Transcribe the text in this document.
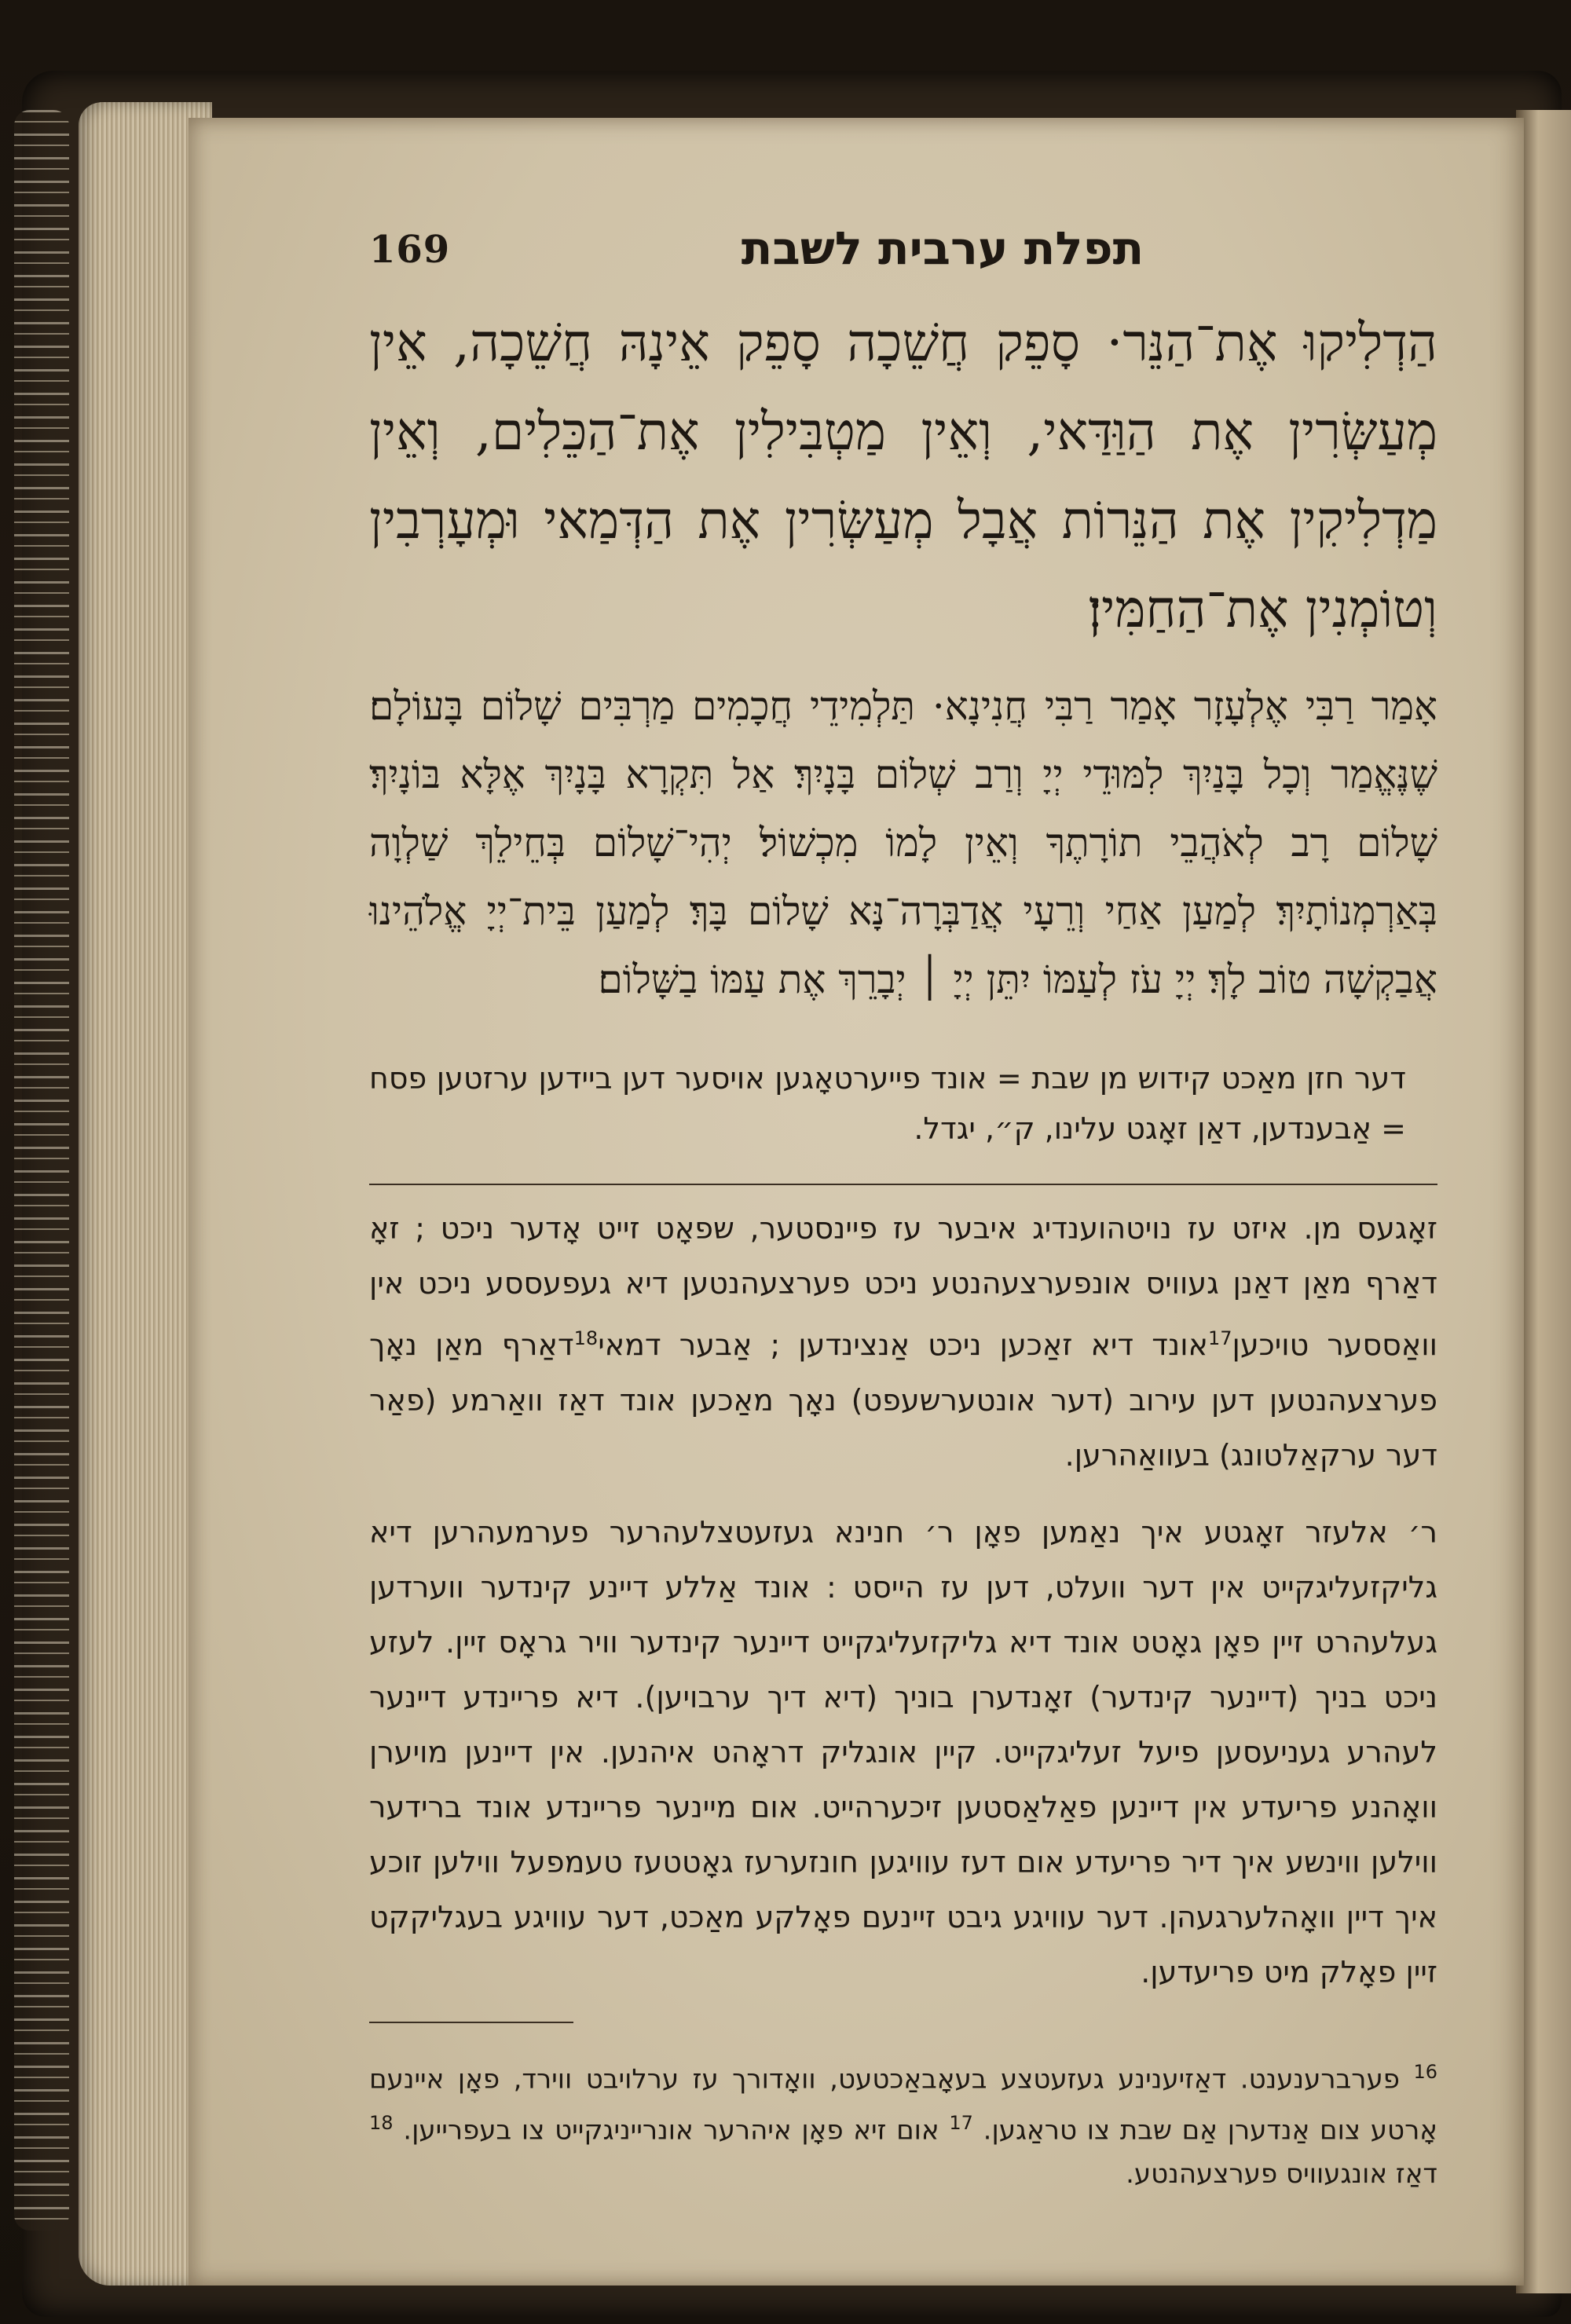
169	תפלת ערבית לשבת

הַדְלִיקוּ אֶת־הַנֵּר· סָפֵק חֲשֵׁכָה סָפֵק אֵינָהּ חֲשֵׁכָה, אֵין מְעַשְּׂרִין אֶת הַוַּדַּאי, וְאֵין מַטְבִּילִין אֶת־הַכֵּלִים, וְאֵין מַדְלִיקִין אֶת הַנֵּרוֹת אֲבָל מְעַשְּׂרִין אֶת הַדְּמַאי וּמְעָרְבִין וְטוֹמְנִין אֶת־הַחַמִּין׃

אָמַר רַבִּי אֶלְעָזָר אָמַר רַבִּי חֲנִינָא· תַּלְמִידֵי חֲכָמִים מַרְבִּים שָׁלוֹם בָּעוֹלָם׃ שֶׁנֶּאֱמַר וְכָל בָּנַיִךְ לִמּוּדֵי יְיָ וְרַב שְׁלוֹם בָּנָיִךְ׃ אַל תִּקְרָא בָּנָיִךְ אֶלָּא בּוֹנָיִךְ׃ שָׁלוֹם רָב לְאֹהֲבֵי תוֹרָתֶךָ וְאֵין לָמוֹ מִכְשׁוֹל׃ יְהִי־שָׁלוֹם בְּחֵילֵךְ שַׁלְוָה בְּאַרְמְנוֹתָיִךְ׃ לְמַעַן אַחַי וְרֵעָי אֲדַבְּרָה־נָּא שָׁלוֹם בָּךְ׃ לְמַעַן בֵּית־יְיָ אֱלֹהֵינוּ אֲבַקְשָׁה טוֹב לָךְ׃ יְיָ עֹז לְעַמּוֹ יִתֵּן יְיָ ׀ יְבָרֵךְ אֶת עַמּוֹ בַשָּׁלוֹם׃

דער חזן מאַכט קידוש מן שבת = אונד פייערטאָגען אויסער דען ביידען ערזטען פסח = אַבענדען, דאַן זאָגט עלינו, ק״, יגדל.

זאָגעס מן. איזט עז נויטהוענדיג איבער עז פיינסטער, שפאָט זייט אָדער ניכט ; זאָ דאַרף מאַן דאַנן געוויס אונפערצעהנטע ניכט פערצעהנטען דיא געפעססע ניכט אין וואַססער טויכען$^{17}$אונד דיא זאַכען ניכט אַנצינדען ; אַבער דמאי$^{18}$דאַרף מאַן נאָך פערצעהנטען דען עירוב (דער אונטערשעפט) נאָך מאַכען אונד דאַז וואַרמע (פאַר דער ערקאַלטונג) בעוואַהרען.

ר׳ אלעזר זאָגטע איך נאַמען פאָן ר׳ חנינא געזעטצלעהרער פערמעהרען דיא גליקזעליגקייט אין דער וועלט, דען עז הייסט : אונד אַללע דיינע קינדער ווערדען געלעהרט זיין פאָן גאָטט אונד דיא גליקזעליגקייט דיינער קינדער וויר גראָס זיין. לעזע ניכט בניך (דיינער קינדער) זאָנדערן בוניך (דיא דיך ערבויען). דיא פריינדע דיינער לעהרע געניעסען פיעל זעליגקייט. קיין אונגליק דראָהט איהנען. אין דיינען מויערן וואָהנע פריעדע אין דיינען פאַלאַסטען זיכערהייט. אום מיינער פריינדע אונד ברידער ווילען ווינשע איך דיר פריעדע אום דעז עוויגען חונזערעז גאָטטעז טעמפעל ווילען זוכע איך דיין וואָהלערגעהן. דער עוויגע גיבט זיינעם פאָלקע מאַכט, דער עוויגע בעגליקקט זיין פאָלק מיט פריעדען.

$^{16}$ פערברענענט. דאַזיענינע געזעטצע בעאָבאַכטעט, וואָדורך עז ערלויבט ווירד, פאָן איינעם אָרטע צום אַנדערן אַם שבת צו טראַגען. $^{17}$ אום זיא פאָן איהרער אונרייניגקייט צו בעפרייען. $^{18}$ דאַז אונגעוויס פערצעהנטע.
